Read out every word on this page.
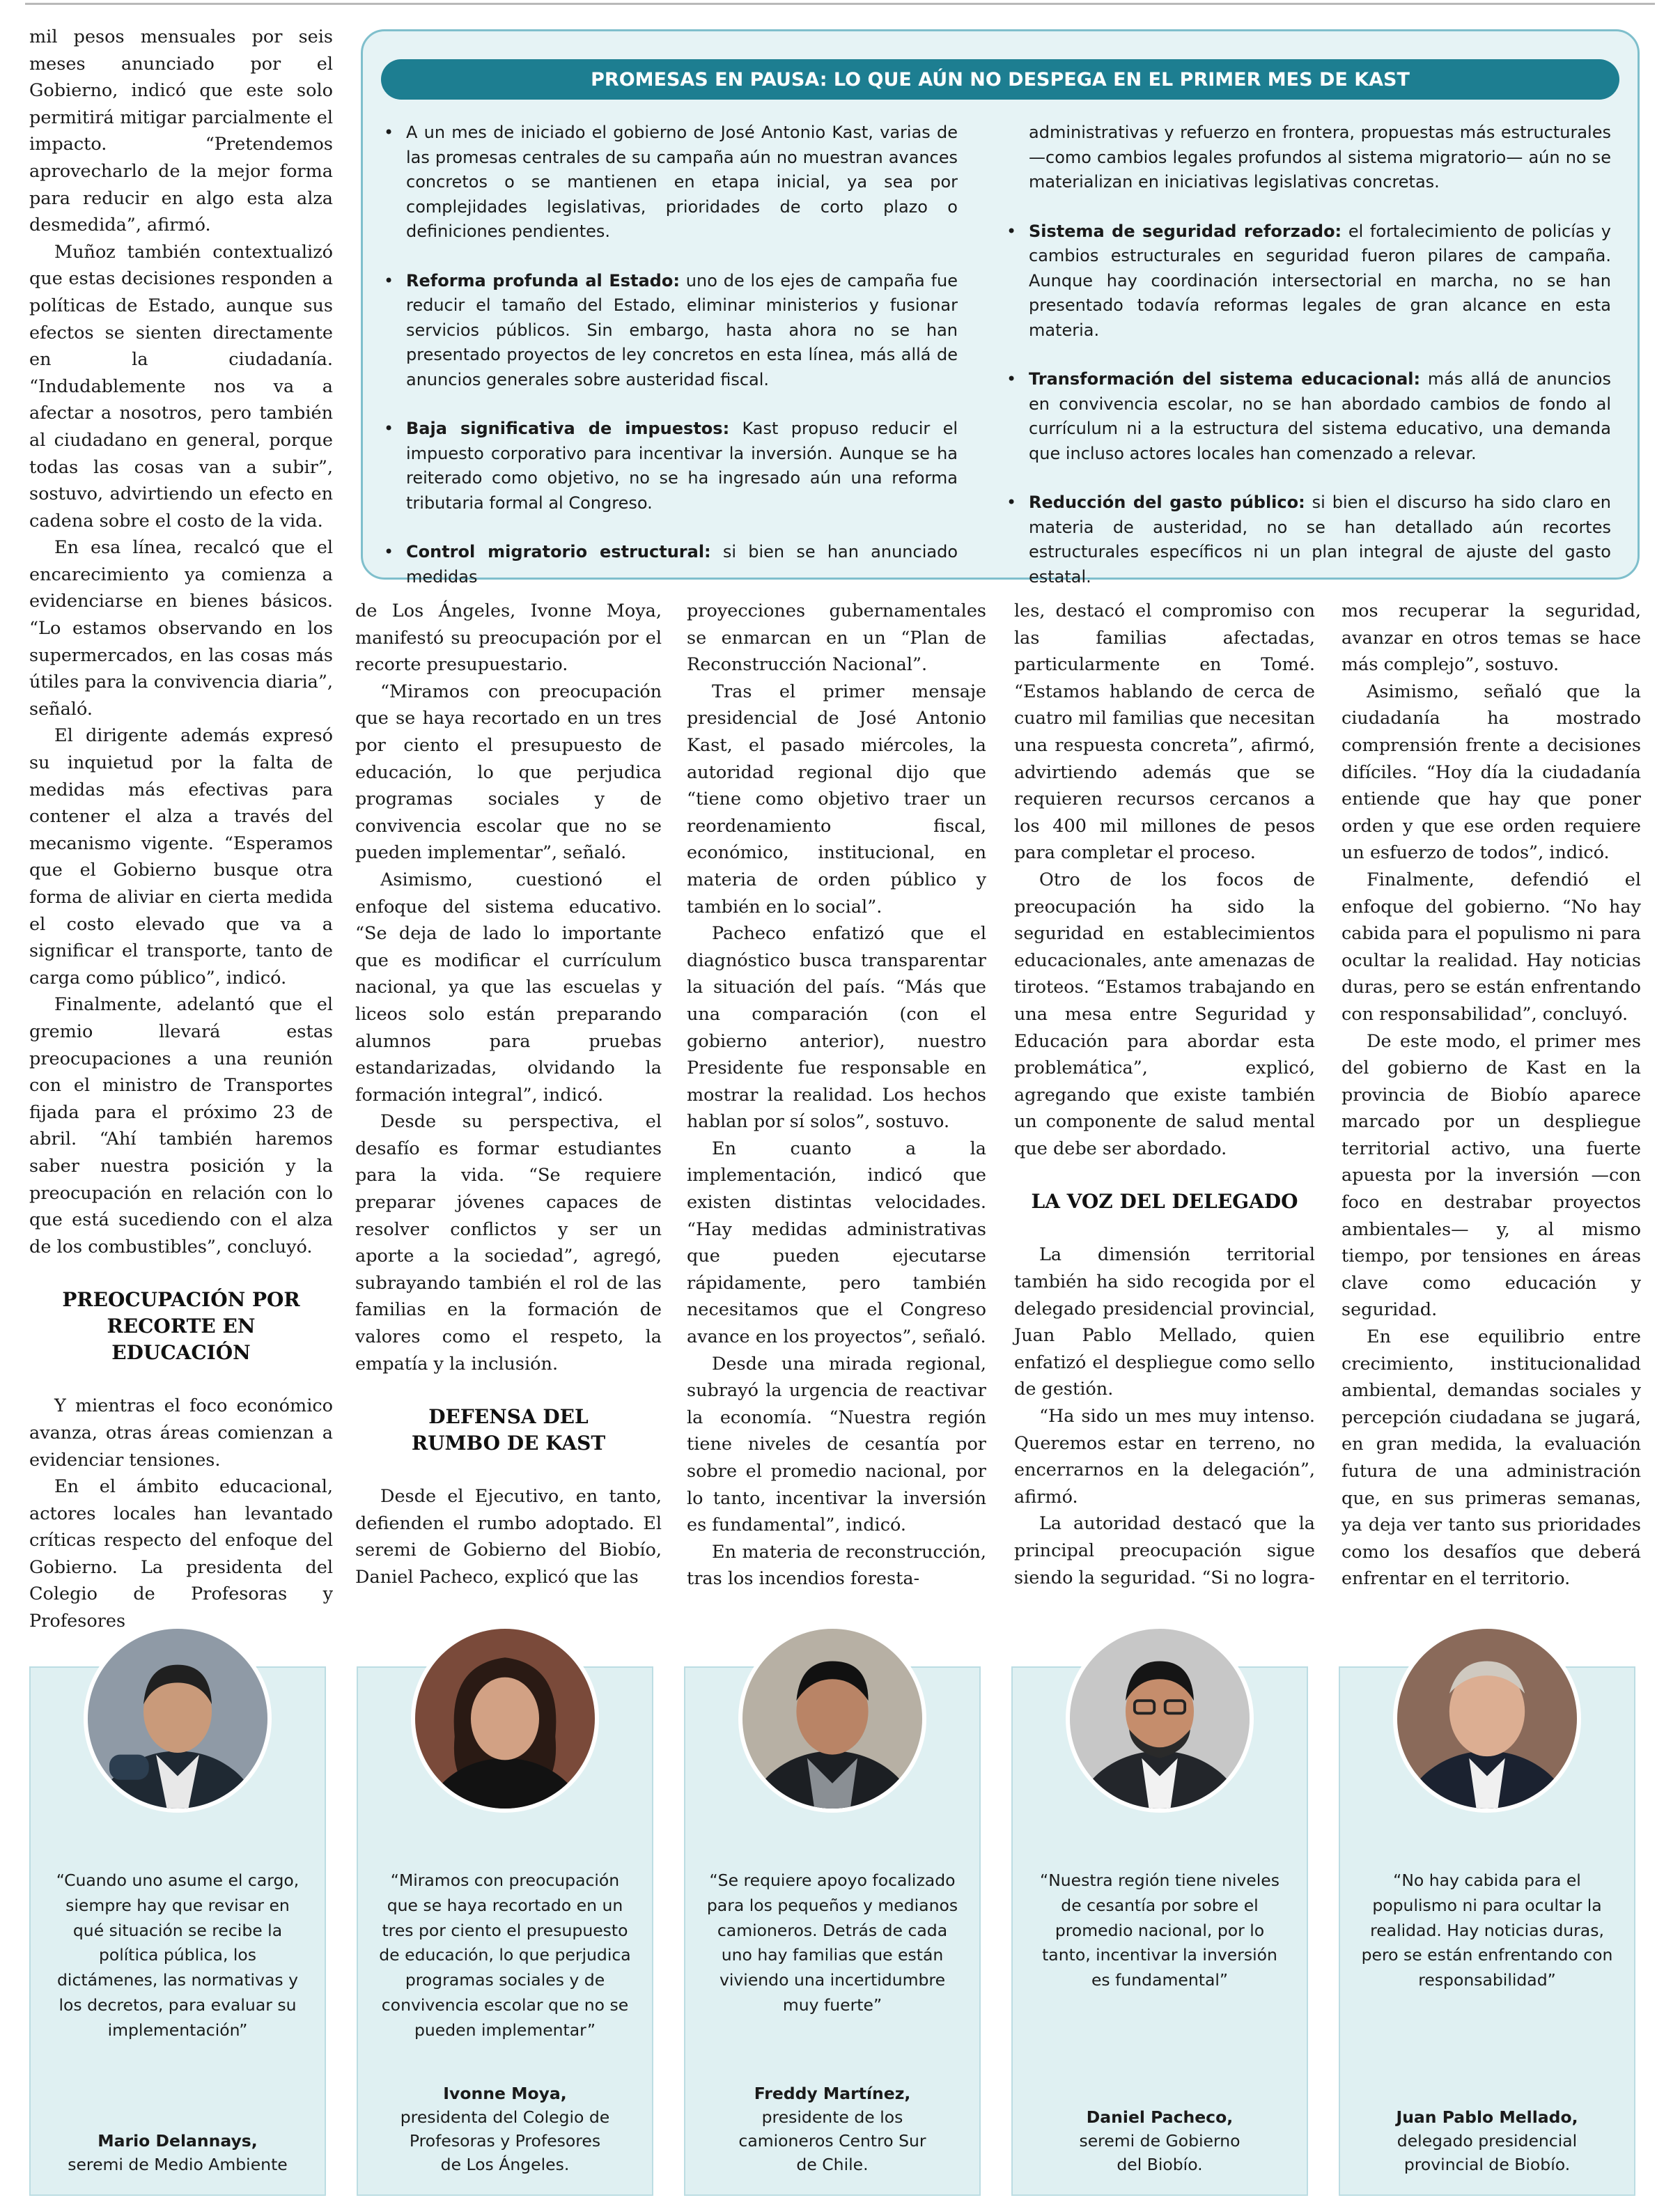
mil pesos mensuales por seis meses anunciado por el Gobierno, indicó que este solo permitirá mitigar parcialmente el impacto. “Pretendemos aprovecharlo de la mejor forma para reducir en algo esta alza desmedida”, afirmó.

Muñoz también contextualizó que estas decisiones responden a políticas de Estado, aunque sus efectos se sienten directamente en la ciudadanía. “Indudablemente nos va a afectar a nosotros, pero también al ciudadano en general, porque todas las cosas van a subir”, sostuvo, advirtiendo un efecto en cadena sobre el costo de la vida.

En esa línea, recalcó que el encarecimiento ya comienza a evidenciarse en bienes básicos. “Lo estamos observando en los supermercados, en las cosas más útiles para la convivencia diaria”, señaló.

El dirigente además expresó su inquietud por la falta de medidas más efectivas para contener el alza a través del mecanismo vigente. “Esperamos que el Gobierno busque otra forma de aliviar en cierta medida el costo elevado que va a significar el transporte, tanto de carga como público”, indicó.

Finalmente, adelantó que el gremio llevará estas preocupaciones a una reunión con el ministro de Transportes fijada para el próximo 23 de abril. “Ahí también haremos saber nuestra posición y la preocupación en relación con lo que está sucediendo con el alza de los combustibles”, concluyó.

PREOCUPACIÓN POR RECORTE EN EDUCACIÓN

Y mientras el foco económico avanza, otras áreas comienzan a evidenciar tensiones.

En el ámbito educacional, actores locales han levantado críticas respecto del enfoque del Gobierno. La presidenta del Colegio de Profesoras y Profesores

PROMESAS EN PAUSA: LO QUE AÚN NO DESPEGA EN EL PRIMER MES DE KAST
• A un mes de iniciado el gobierno de José Antonio Kast, varias de las promesas centrales de su campaña aún no muestran avances concretos o se mantienen en etapa inicial, ya sea por complejidades legislativas, prioridades de corto plazo o definiciones pendientes.
• Reforma profunda al Estado: uno de los ejes de campaña fue reducir el tamaño del Estado, eliminar ministerios y fusionar servicios públicos. Sin embargo, hasta ahora no se han presentado proyectos de ley concretos en esta línea, más allá de anuncios generales sobre austeridad fiscal.
• Baja significativa de impuestos: Kast propuso reducir el impuesto corporativo para incentivar la inversión. Aunque se ha reiterado como objetivo, no se ha ingresado aún una reforma tributaria formal al Congreso.
• Control migratorio estructural: si bien se han anunciado medidas
administrativas y refuerzo en frontera, propuestas más estructurales —como cambios legales profundos al sistema migratorio— aún no se materializan en iniciativas legislativas concretas.
• Sistema de seguridad reforzado: el fortalecimiento de policías y cambios estructurales en seguridad fueron pilares de campaña. Aunque hay coordinación intersectorial en marcha, no se han presentado todavía reformas legales de gran alcance en esta materia.
• Transformación del sistema educacional: más allá de anuncios en convivencia escolar, no se han abordado cambios de fondo al currículum ni a la estructura del sistema educativo, una demanda que incluso actores locales han comenzado a relevar.
• Reducción del gasto público: si bien el discurso ha sido claro en materia de austeridad, no se han detallado aún recortes estructurales específicos ni un plan integral de ajuste del gasto estatal.

de Los Ángeles, Ivonne Moya, manifestó su preocupación por el recorte presupuestario.

“Miramos con preocupación que se haya recortado en un tres por ciento el presupuesto de educación, lo que perjudica programas sociales y de convivencia escolar que no se pueden implementar”, señaló.

Asimismo, cuestionó el enfoque del sistema educativo. “Se deja de lado lo importante que es modificar el currículum nacional, ya que las escuelas y liceos solo están preparando alumnos para pruebas estandarizadas, olvidando la formación integral”, indicó.

Desde su perspectiva, el desafío es formar estudiantes para la vida. “Se requiere preparar jóvenes capaces de resolver conflictos y ser un aporte a la sociedad”, agregó, subrayando también el rol de las familias en la formación de valores como el respeto, la empatía y la inclusión.

DEFENSA DEL RUMBO DE KAST

Desde el Ejecutivo, en tanto, defienden el rumbo adoptado. El seremi de Gobierno del Biobío, Daniel Pacheco, explicó que las

proyecciones gubernamentales se enmarcan en un “Plan de Reconstrucción Nacional”.

Tras el primer mensaje presidencial de José Antonio Kast, el pasado miércoles, la autoridad regional dijo que “tiene como objetivo traer un reordenamiento fiscal, económico, institucional, en materia de orden público y también en lo social”.

Pacheco enfatizó que el diagnóstico busca transparentar la situación del país. “Más que una comparación (con el gobierno anterior), nuestro Presidente fue responsable en mostrar la realidad. Los hechos hablan por sí solos”, sostuvo.

En cuanto a la implementación, indicó que existen distintas velocidades. “Hay medidas administrativas que pueden ejecutarse rápidamente, pero también necesitamos que el Congreso avance en los proyectos”, señaló.

Desde una mirada regional, subrayó la urgencia de reactivar la economía. “Nuestra región tiene niveles de cesantía por sobre el promedio nacional, por lo tanto, incentivar la inversión es fundamental”, indicó.

En materia de reconstrucción, tras los incendios foresta-

les, destacó el compromiso con las familias afectadas, particularmente en Tomé. “Estamos hablando de cerca de cuatro mil familias que necesitan una respuesta concreta”, afirmó, advirtiendo además que se requieren recursos cercanos a los 400 mil millones de pesos para completar el proceso.

Otro de los focos de preocupación ha sido la seguridad en establecimientos educacionales, ante amenazas de tiroteos. “Estamos trabajando en una mesa entre Seguridad y Educación para abordar esta problemática”, explicó, agregando que existe también un componente de salud mental que debe ser abordado.

LA VOZ DEL DELEGADO

La dimensión territorial también ha sido recogida por el delegado presidencial provincial, Juan Pablo Mellado, quien enfatizó el despliegue como sello de gestión.

“Ha sido un mes muy intenso. Queremos estar en terreno, no encerrarnos en la delegación”, afirmó.

La autoridad destacó que la principal preocupación sigue siendo la seguridad. “Si no logra-

mos recuperar la seguridad, avanzar en otros temas se hace más complejo”, sostuvo.

Asimismo, señaló que la ciudadanía ha mostrado comprensión frente a decisiones difíciles. “Hoy día la ciudadanía entiende que hay que poner orden y que ese orden requiere un esfuerzo de todos”, indicó.

Finalmente, defendió el enfoque del gobierno. “No hay cabida para el populismo ni para ocultar la realidad. Hay noticias duras, pero se están enfrentando con responsabilidad”, concluyó.

De este modo, el primer mes del gobierno de Kast en la provincia de Biobío aparece marcado por un despliegue territorial activo, una fuerte apuesta por la inversión —con foco en destrabar proyectos ambientales— y, al mismo tiempo, por tensiones en áreas clave como educación y seguridad.

En ese equilibrio entre crecimiento, institucionalidad ambiental, demandas sociales y percepción ciudadana se jugará, en gran medida, la evaluación futura de una administración que, en sus primeras semanas, ya deja ver tanto sus prioridades como los desafíos que deberá enfrentar en el territorio.

“Cuando uno asume el cargo, siempre hay que revisar en qué situación se recibe la política pública, los dictámenes, las normativas y los decretos, para evaluar su implementación”
Mario Delannays,
seremi de Medio Ambiente
“Miramos con preocupación que se haya recortado en un tres por ciento el presupuesto de educación, lo que perjudica programas sociales y de convivencia escolar que no se pueden implementar”
Ivonne Moya,
presidenta del Colegio de
Profesoras y Profesores
de Los Ángeles.
“Se requiere apoyo focalizado para los pequeños y medianos camioneros. Detrás de cada uno hay familias que están viviendo una incertidumbre muy fuerte”
Freddy Martínez,
presidente de los
camioneros Centro Sur
de Chile.
“Nuestra región tiene niveles de cesantía por sobre el promedio nacional, por lo tanto, incentivar la inversión es fundamental”
Daniel Pacheco,
seremi de Gobierno
del Biobío.
“No hay cabida para el populismo ni para ocultar la realidad. Hay noticias duras, pero se están enfrentando con responsabilidad”
Juan Pablo Mellado,
delegado presidencial
provincial de Biobío.
